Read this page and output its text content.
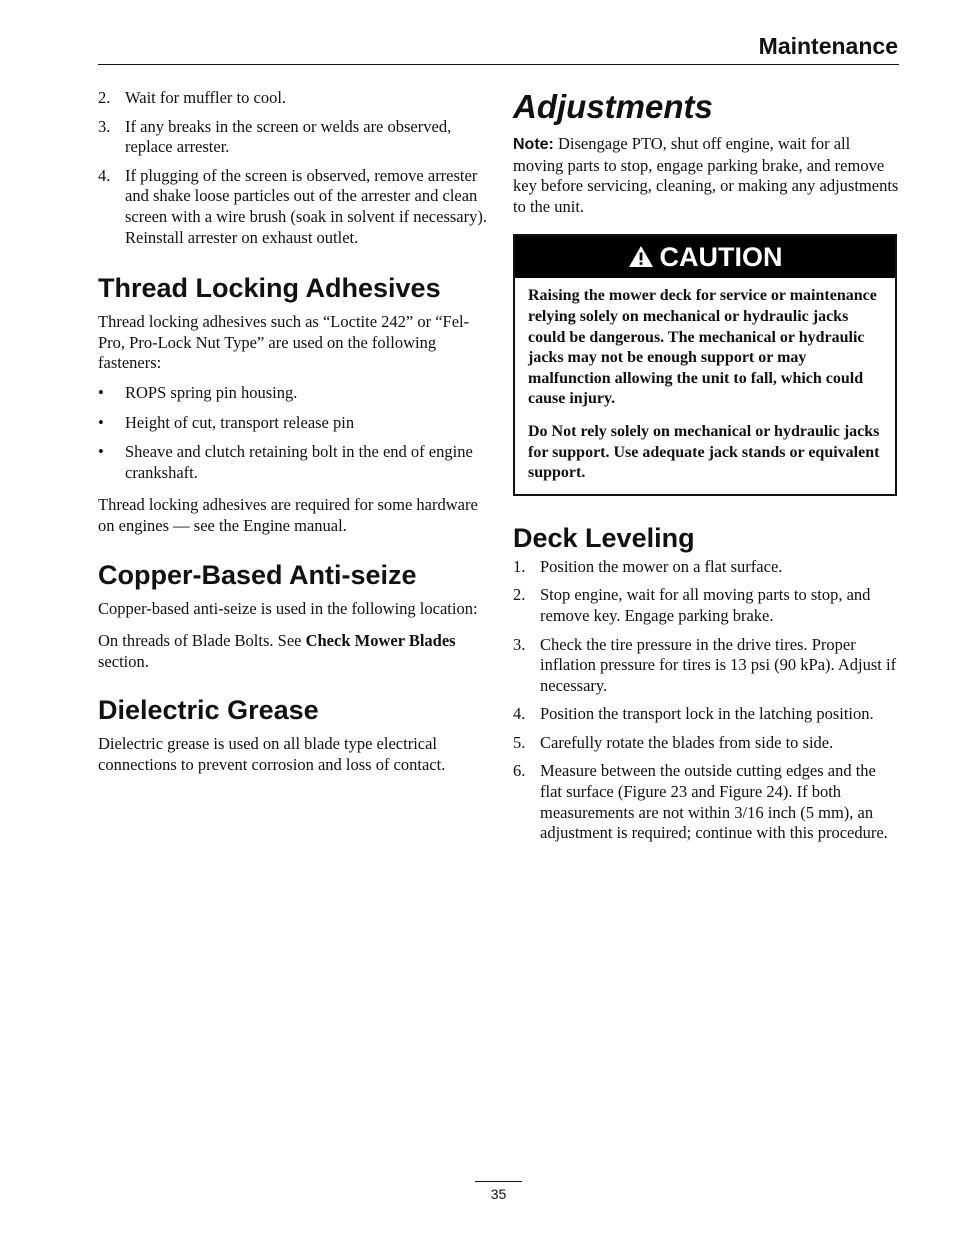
Maintenance
2. Wait for muffler to cool.
3. If any breaks in the screen or welds are observed, replace arrester.
4. If plugging of the screen is observed, remove arrester and shake loose particles out of the arrester and clean screen with a wire brush (soak in solvent if necessary). Reinstall arrester on exhaust outlet.
Thread Locking Adhesives

Thread locking adhesives such as “Loctite 242” or “Fel-Pro, Pro-Lock Nut Type” are used on the following fasteners:

• ROPS spring pin housing.
• Height of cut, transport release pin
• Sheave and clutch retaining bolt in the end of engine crankshaft.

Thread locking adhesives are required for some hardware on engines — see the Engine manual.

Copper-Based Anti-seize

Copper-based anti-seize is used in the following location:

On threads of Blade Bolts. See Check Mower Blades section.

Dielectric Grease

Dielectric grease is used on all blade type electrical connections to prevent corrosion and loss of contact.

Adjustments

Note: Disengage PTO, shut off engine, wait for all moving parts to stop, engage parking brake, and remove key before servicing, cleaning, or making any adjustments to the unit.

CAUTION

Raising the mower deck for service or maintenance relying solely on mechanical or hydraulic jacks could be dangerous. The mechanical or hydraulic jacks may not be enough support or may malfunction allowing the unit to fall, which could cause injury.

Do Not rely solely on mechanical or hydraulic jacks for support. Use adequate jack stands or equivalent support.

Deck Leveling
1. Position the mower on a flat surface.
2. Stop engine, wait for all moving parts to stop, and remove key. Engage parking brake.
3. Check the tire pressure in the drive tires. Proper inflation pressure for tires is 13 psi (90 kPa). Adjust if necessary.
4. Position the transport lock in the latching position.
5. Carefully rotate the blades from side to side.
6. Measure between the outside cutting edges and the flat surface (Figure 23 and Figure 24). If both measurements are not within 3/16 inch (5 mm), an adjustment is required; continue with this procedure.
35
